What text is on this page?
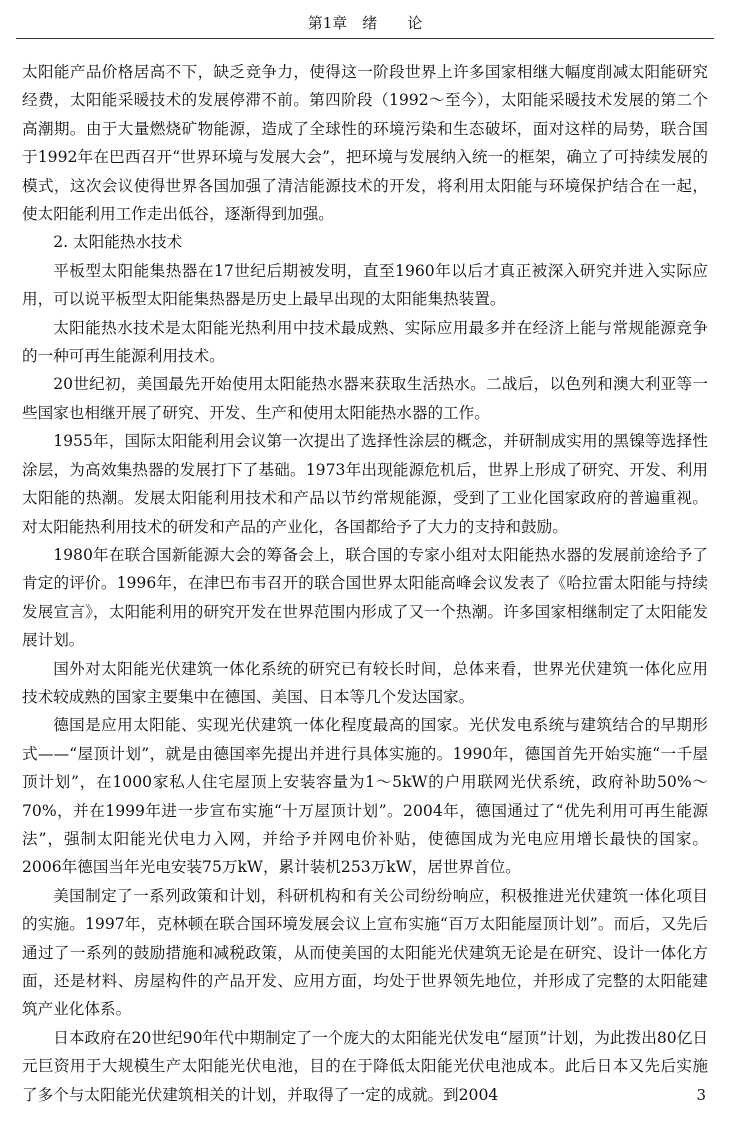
第1章　 绪　　论

太阳能产品价格居高不下，缺乏竞争力，使得这一阶段世界上许多国家相继大幅度削减太阳能研究经费，太阳能采暖技术的发展停滞不前。第四阶段（1992～至今），太阳能采暖技术发展的第二个高潮期。由于大量燃烧矿物能源，造成了全球性的环境污染和生态破坏，面对这样的局势，联合国于1992年在巴西召开“世界环境与发展大会”，把环境与发展纳入统一的框架，确立了可持续发展的模式，这次会议使得世界各国加强了清洁能源技术的开发，将利用太阳能与环境保护结合在一起，使太阳能利用工作走出低谷，逐渐得到加强。

2. 太阳能热水技术

平板型太阳能集热器在17世纪后期被发明，直至1960年以后才真正被深入研究并进入实际应用，可以说平板型太阳能集热器是历史上最早出现的太阳能集热装置。

太阳能热水技术是太阳能光热利用中技术最成熟、实际应用最多并在经济上能与常规能源竞争的一种可再生能源利用技术。

20世纪初，美国最先开始使用太阳能热水器来获取生活热水。二战后，以色列和澳大利亚等一些国家也相继开展了研究、开发、生产和使用太阳能热水器的工作。

1955年，国际太阳能利用会议第一次提出了选择性涂层的概念，并研制成实用的黑镍等选择性涂层，为高效集热器的发展打下了基础。1973年出现能源危机后，世界上形成了研究、开发、利用太阳能的热潮。发展太阳能利用技术和产品以节约常规能源，受到了工业化国家政府的普遍重视。对太阳能热利用技术的研发和产品的产业化，各国都给予了大力的支持和鼓励。

1980年在联合国新能源大会的筹备会上，联合国的专家小组对太阳能热水器的发展前途给予了肯定的评价。1996年，在津巴布韦召开的联合国世界太阳能高峰会议发表了《哈拉雷太阳能与持续发展宣言》，太阳能利用的研究开发在世界范围内形成了又一个热潮。许多国家相继制定了太阳能发展计划。

国外对太阳能光伏建筑一体化系统的研究已有较长时间，总体来看，世界光伏建筑一体化应用技术较成熟的国家主要集中在德国、美国、日本等几个发达国家。

德国是应用太阳能、实现光伏建筑一体化程度最高的国家。光伏发电系统与建筑结合的早期形式——“屋顶计划”，就是由德国率先提出并进行具体实施的。1990年，德国首先开始实施“一千屋顶计划”，在1000家私人住宅屋顶上安装容量为1～5kW的户用联网光伏系统，政府补助50%～70%，并在1999年进一步宣布实施“十万屋顶计划”。2004年，德国通过了“优先利用可再生能源法”，强制太阳能光伏电力入网，并给予并网电价补贴，使德国成为光电应用增长最快的国家。2006年德国当年光电安装75万kW，累计装机253万kW，居世界首位。

美国制定了一系列政策和计划，科研机构和有关公司纷纷响应，积极推进光伏建筑一体化项目的实施。1997年，克林顿在联合国环境发展会议上宣布实施“百万太阳能屋顶计划”。而后，又先后通过了一系列的鼓励措施和减税政策，从而使美国的太阳能光伏建筑无论是在研究、设计一体化方面，还是材料、房屋构件的产品开发、应用方面，均处于世界领先地位，并形成了完整的太阳能建筑产业化体系。

日本政府在20世纪90年代中期制定了一个庞大的太阳能光伏发电“屋顶”计划，为此拨出80亿日元巨资用于大规模生产太阳能光伏电池，目的在于降低太阳能光伏电池成本。此后日本又先后实施了多个与太阳能光伏建筑相关的计划，并取得了一定的成就。到2004	3
